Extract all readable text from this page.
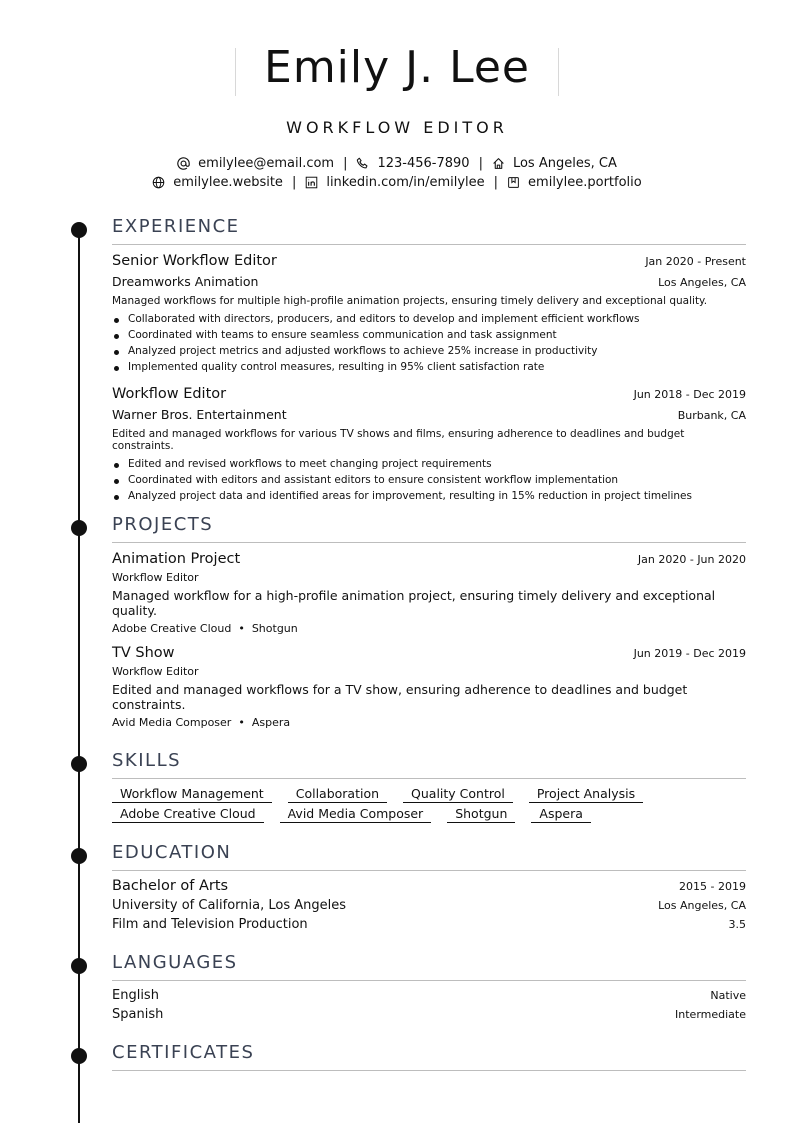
Emily J. Lee
WORKFLOW EDITOR
emilylee@email.com | 123-456-7890 | Los Angeles, CA
emilylee.website | linkedin.com/in/emilylee | emilylee.portfolio
EXPERIENCE
Senior Workflow Editor	Jan 2020 - Present
Dreamworks Animation	Los Angeles, CA
Managed workflows for multiple high-profile animation projects, ensuring timely delivery and exceptional quality.
Collaborated with directors, producers, and editors to develop and implement efficient workflows
Coordinated with teams to ensure seamless communication and task assignment
Analyzed project metrics and adjusted workflows to achieve 25% increase in productivity
Implemented quality control measures, resulting in 95% client satisfaction rate
Workflow Editor	Jun 2018 - Dec 2019
Warner Bros. Entertainment	Burbank, CA
Edited and managed workflows for various TV shows and films, ensuring adherence to deadlines and budget constraints.
Edited and revised workflows to meet changing project requirements
Coordinated with editors and assistant editors to ensure consistent workflow implementation
Analyzed project data and identified areas for improvement, resulting in 15% reduction in project timelines
PROJECTS
Animation Project	Jan 2020 - Jun 2020
Workflow Editor
Managed workflow for a high-profile animation project, ensuring timely delivery and exceptional quality.
Adobe Creative Cloud • Shotgun
TV Show	Jun 2019 - Dec 2019
Workflow Editor
Edited and managed workflows for a TV show, ensuring adherence to deadlines and budget constraints.
Avid Media Composer • Aspera
SKILLS
Workflow Management	Collaboration	Quality Control	Project Analysis
Adobe Creative Cloud	Avid Media Composer	Shotgun	Aspera
EDUCATION
Bachelor of Arts	2015 - 2019
University of California, Los Angeles	Los Angeles, CA
Film and Television Production	3.5
LANGUAGES
English	Native
Spanish	Intermediate
CERTIFICATES
